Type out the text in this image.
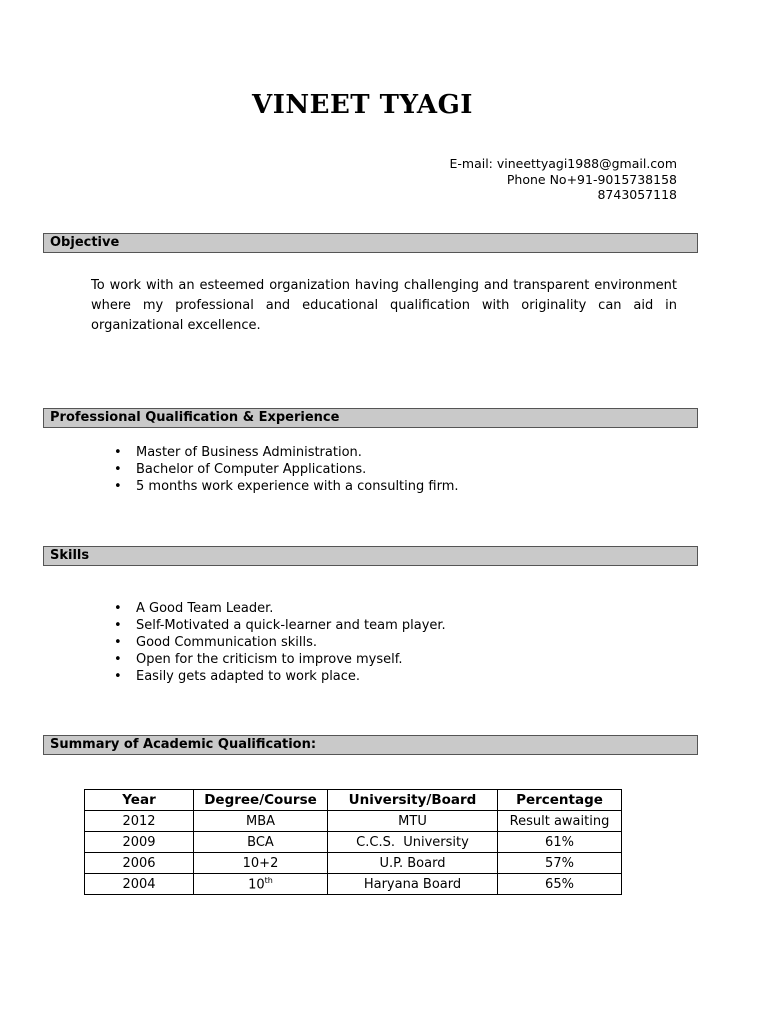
VINEET TYAGI
E-mail: vineettyagi1988@gmail.com
Phone No+91-9015738158
8743057118
Objective
To work with an esteemed organization having challenging and transparent environment where my professional and educational qualification with originality can aid in organizational excellence.
Professional Qualification & Experience
• Master of Business Administration.
• Bachelor of Computer Applications.
• 5 months work experience with a consulting firm.
Skills
• A Good Team Leader.
• Self-Motivated a quick-learner and team player.
• Good Communication skills.
• Open for the criticism to improve myself.
• Easily gets adapted to work place.
Summary of Academic Qualification:
Year	Degree/Course	University/Board	Percentage
2012	MBA	MTU	Result awaiting
2009	BCA	C.C.S.  University	61%
2006	10+2	U.P. Board	57%
2004	10th	Haryana Board	65%
